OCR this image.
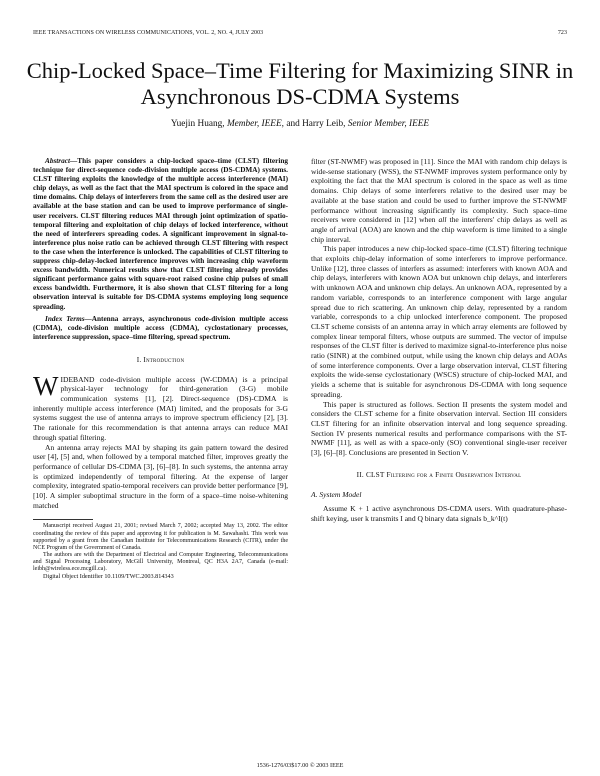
IEEE TRANSACTIONS ON WIRELESS COMMUNICATIONS, VOL. 2, NO. 4, JULY 2003	723
Chip-Locked Space–Time Filtering for Maximizing SINR in Asynchronous DS-CDMA Systems
Yuejin Huang, Member, IEEE, and Harry Leib, Senior Member, IEEE

Abstract—This paper considers a chip-locked space–time (CLST) filtering technique for direct-sequence code-division multiple access (DS-CDMA) systems. CLST filtering exploits the knowledge of the multiple access interference (MAI) chip delays, as well as the fact that the MAI spectrum is colored in the space and time domains. Chip delays of interferers from the same cell as the desired user are available at the base station and can be used to improve performance of single-user receivers. CLST filtering reduces MAI through joint optimization of spatio-temporal filtering and exploitation of chip delays of locked interference, without the need of interferers spreading codes. A significant improvement in signal-to-interference plus noise ratio can be achieved through CLST filtering with respect to the case when the interference is unlocked. The capabilities of CLST filtering to suppress chip-delay-locked interference improves with increasing chip waveform excess bandwidth. Numerical results show that CLST filtering already provides significant performance gains with square-root raised cosine chip pulses of small excess bandwidth. Furthermore, it is also shown that CLST filtering for a long observation interval is suitable for DS-CDMA systems employing long sequence spreading.

Index Terms—Antenna arrays, asynchronous code-division multiple access (CDMA), code-division multiple access (CDMA), cyclostationary processes, interference suppression, space–time filtering, spread spectrum.

I. Introduction

WIDEBAND code-division multiple access (W-CDMA) is a principal physical-layer technology for third-generation (3-G) mobile communication systems [1], [2]. Direct-sequence (DS)-CDMA is inherently multiple access interference (MAI) limited, and the proposals for 3-G systems suggest the use of antenna arrays to improve spectrum efficiency [2], [3]. The rationale for this recommendation is that antenna arrays can reduce MAI through spatial filtering.

An antenna array rejects MAI by shaping its gain pattern toward the desired user [4], [5] and, when followed by a temporal matched filter, improves greatly the performance of cellular DS-CDMA [3], [6]–[8]. In such systems, the antenna array is optimized independently of temporal filtering. At the expense of larger complexity, integrated spatio-temporal receivers can provide better performance [9], [10]. A simpler suboptimal structure in the form of a space–time noise-whitening matched

Manuscript received August 21, 2001; revised March 7, 2002; accepted May 13, 2002. The editor coordinating the review of this paper and approving it for publication is M. Sawahashi. This work was supported by a grant from the Canadian Institute for Telecommunications Research (CITR), under the NCE Program of the Government of Canada.

The authors are with the Department of Electrical and Computer Engineering, Telecommunications and Signal Processing Laboratory, McGill University, Montreal, QC H3A 2A7, Canada (e-mail: leibh@wireless.ece.mcgill.ca).

Digital Object Identifier 10.1109/TWC.2003.814343

filter (ST-NWMF) was proposed in [11]. Since the MAI with random chip delays is wide-sense stationary (WSS), the ST-NWMF improves system performance only by exploiting the fact that the MAI spectrum is colored in the space as well as time domains. Chip delays of some interferers relative to the desired user may be available at the base station and could be used to further improve the ST-NWMF performance without increasing significantly its complexity. Such space–time receivers were considered in [12] when all the interferers' chip delays as well as angle of arrival (AOA) are known and the chip waveform is time limited to a single chip interval.

This paper introduces a new chip-locked space–time (CLST) filtering technique that exploits chip-delay information of some interferers to improve performance. Unlike [12], three classes of interfers as assumed: interferers with known AOA and chip delays, interferers with known AOA but unknown chip delays, and interferers with unknown AOA and unknown chip delays. An unknown AOA, represented by a random variable, corresponds to an interference component with large angular spread due to rich scattering. An unknown chip delay, represented by a random variable, corresponds to a chip unlocked interference component. The proposed CLST scheme consists of an antenna array in which array elements are followed by complex linear temporal filters, whose outputs are summed. The vector of impulse responses of the CLST filter is derived to maximize signal-to-interference plus noise ratio (SINR) at the combined output, while using the known chip delays and AOAs of some interference components. Over a large observation interval, CLST filtering exploits the wide-sense cyclostationary (WSCS) structure of chip-locked MAI, and yields a scheme that is suitable for asynchronous DS-CDMA with long sequence spreading.

This paper is structured as follows. Section II presents the system model and considers the CLST scheme for a finite observation interval. Section III considers CLST filtering for an infinite observation interval and long sequence spreading. Section IV presents numerical results and performance comparisons with the ST-NWMF [11], as well as with a space-only (SO) conventional single-user receiver [3], [6]–[8]. Conclusions are presented in Section V.

II. CLST Filtering for a Finite Observation Interval

A. System Model

Assume K + 1 active asynchronous DS-CDMA users. With quadrature-phase-shift keying, user k transmits I and Q binary data signals b_k^I(t)

1536-1276/03$17.00 © 2003 IEEE
